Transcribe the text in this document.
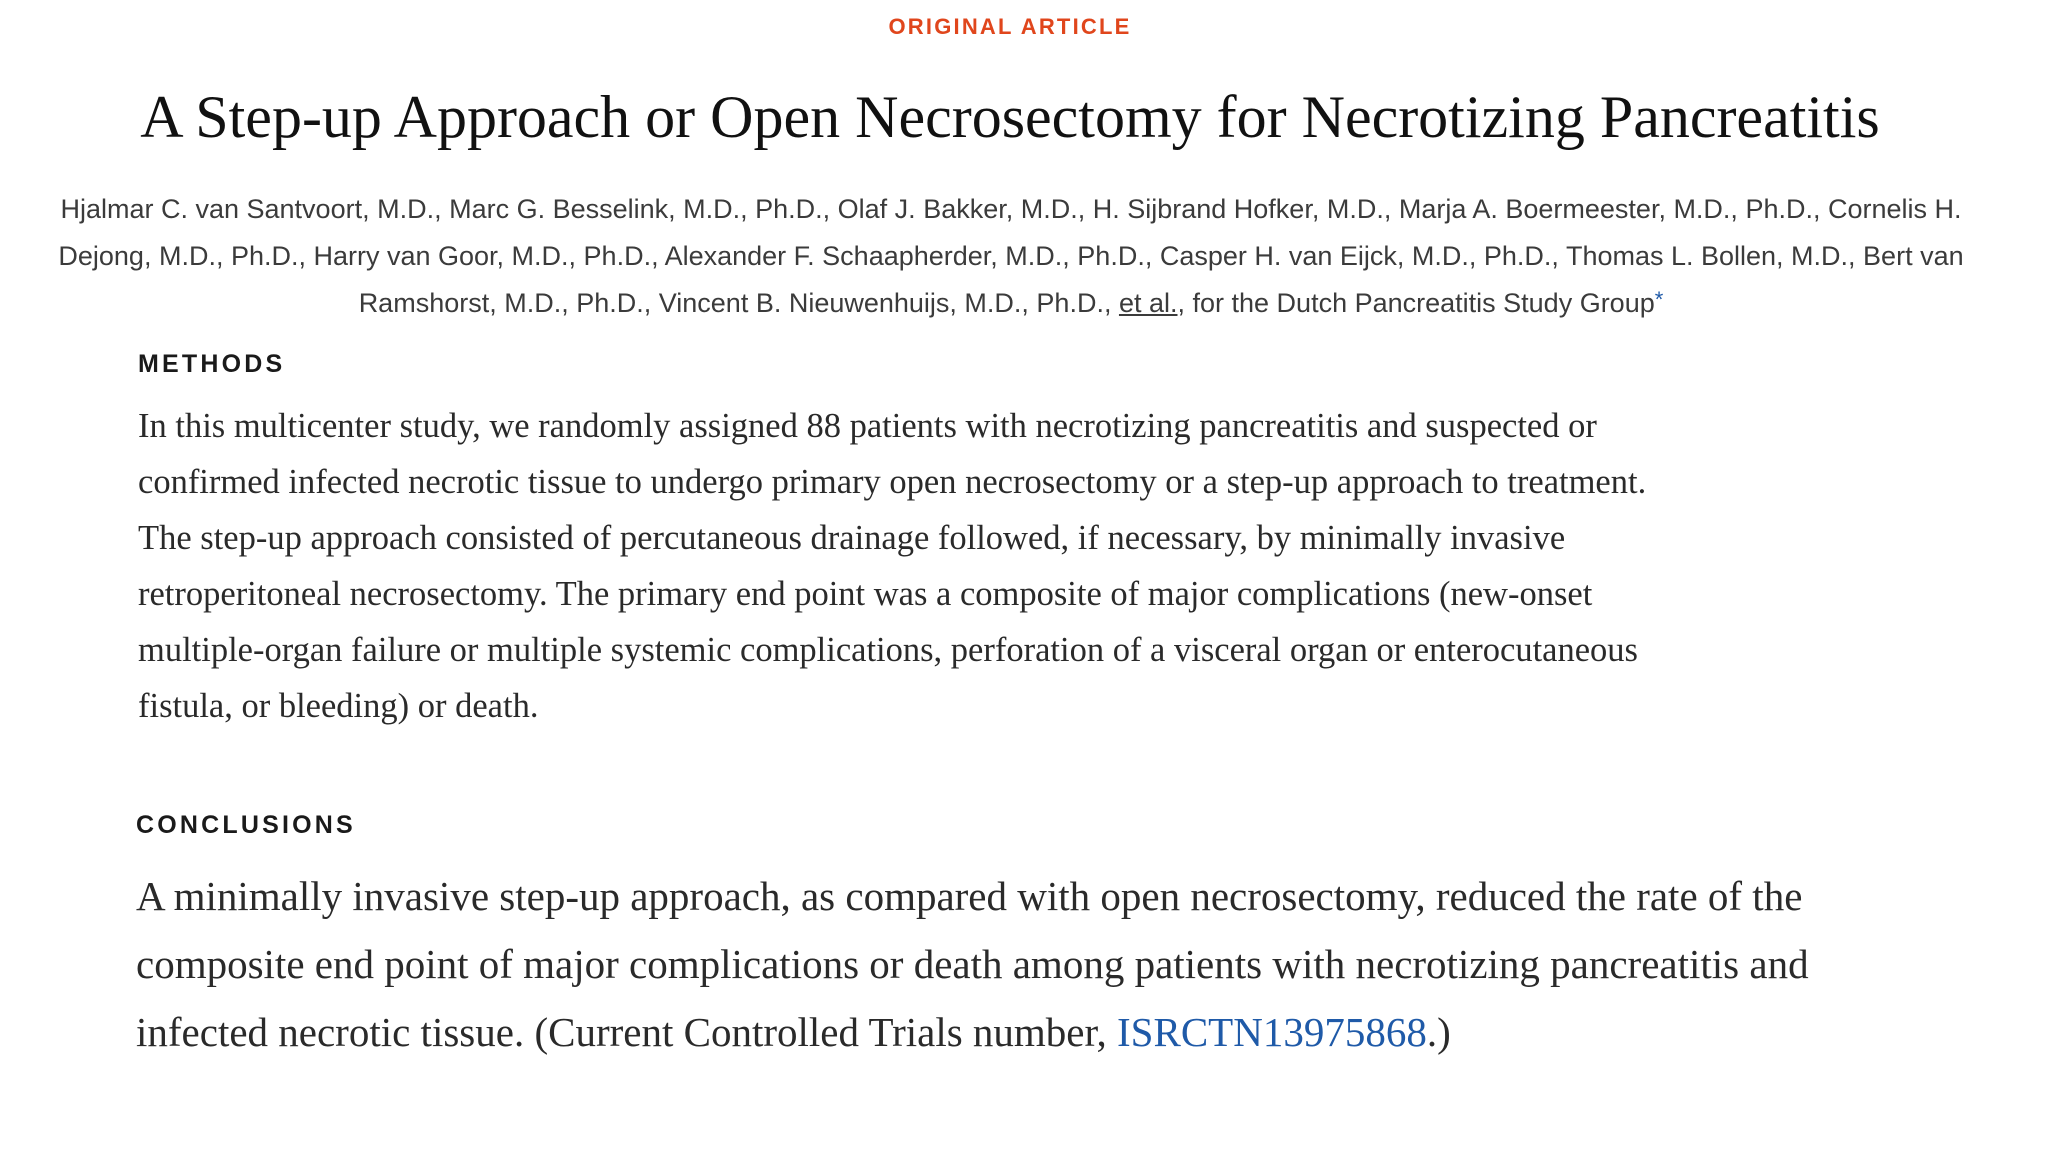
ORIGINAL ARTICLE
A Step-up Approach or Open Necrosectomy for Necrotizing Pancreatitis
Hjalmar C. van Santvoort, M.D., Marc G. Besselink, M.D., Ph.D., Olaf J. Bakker, M.D., H. Sijbrand Hofker, M.D., Marja A. Boermeester, M.D., Ph.D., Cornelis H. Dejong, M.D., Ph.D., Harry van Goor, M.D., Ph.D., Alexander F. Schaapherder, M.D., Ph.D., Casper H. van Eijck, M.D., Ph.D., Thomas L. Bollen, M.D., Bert van Ramshorst, M.D., Ph.D., Vincent B. Nieuwenhuijs, M.D., Ph.D., et al., for the Dutch Pancreatitis Study Group*
METHODS
In this multicenter study, we randomly assigned 88 patients with necrotizing pancreatitis and suspected or confirmed infected necrotic tissue to undergo primary open necrosectomy or a step-up approach to treatment. The step-up approach consisted of percutaneous drainage followed, if necessary, by minimally invasive retroperitoneal necrosectomy. The primary end point was a composite of major complications (new-onset multiple-organ failure or multiple systemic complications, perforation of a visceral organ or enterocutaneous fistula, or bleeding) or death.
CONCLUSIONS
A minimally invasive step-up approach, as compared with open necrosectomy, reduced the rate of the composite end point of major complications or death among patients with necrotizing pancreatitis and infected necrotic tissue. (Current Controlled Trials number, ISRCTN13975868.)
